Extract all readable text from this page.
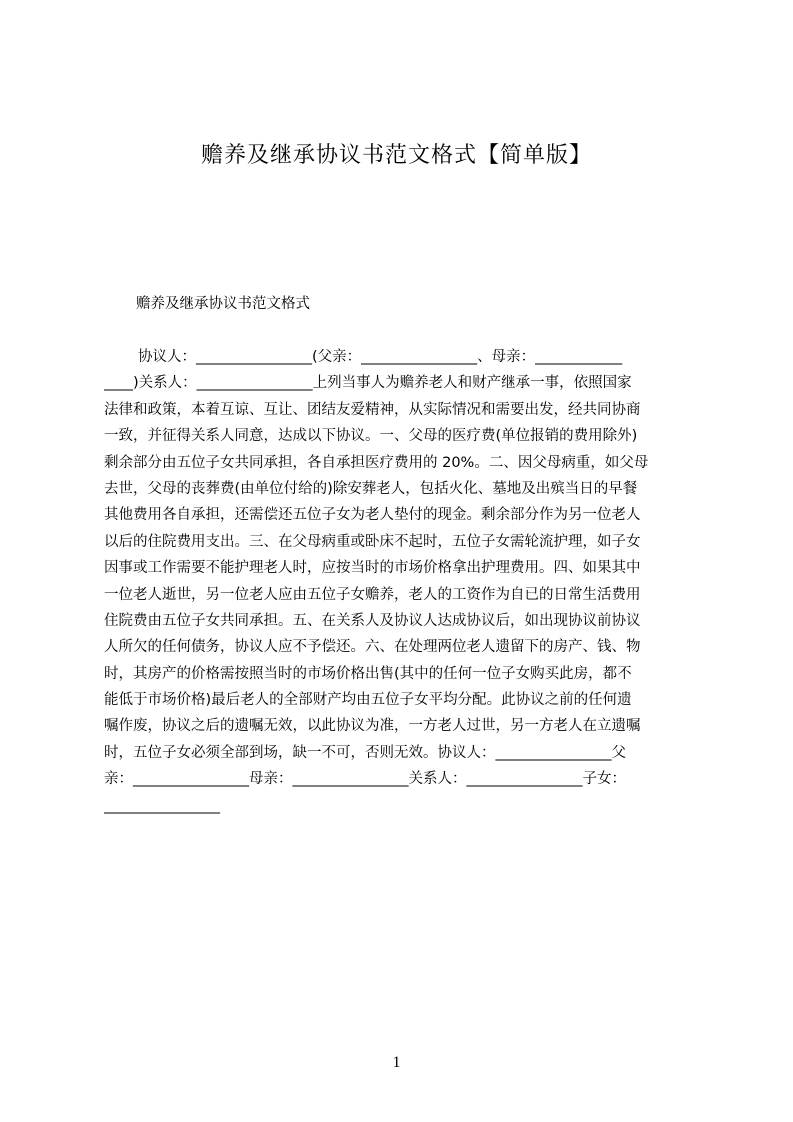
赡养及继承协议书范文格式【简单版】
赡养及继承协议书范文格式
协议人：________________(父亲：________________、母亲：____________
____)关系人：________________上列当事人为赡养老人和财产继承一事，依照国家
法律和政策，本着互谅、互让、团结友爱精神，从实际情况和需要出发，经共同协商
一致，并征得关系人同意，达成以下协议。一、父母的医疗费(单位报销的费用除外)
剩余部分由五位子女共同承担，各自承担医疗费用的 20%。二、因父母病重，如父母
去世，父母的丧葬费(由单位付给的)除安葬老人，包括火化、墓地及出殡当日的早餐
其他费用各自承担，还需偿还五位子女为老人垫付的现金。剩余部分作为另一位老人
以后的住院费用支出。三、在父母病重或卧床不起时，五位子女需轮流护理，如子女
因事或工作需要不能护理老人时，应按当时的市场价格拿出护理费用。四、如果其中
一位老人逝世，另一位老人应由五位子女赡养，老人的工资作为自已的日常生活费用
住院费由五位子女共同承担。五、在关系人及协议人达成协议后，如出现协议前协议
人所欠的任何债务，协议人应不予偿还。六、在处理两位老人遗留下的房产、钱、物
时，其房产的价格需按照当时的市场价格出售(其中的任何一位子女购买此房，都不
能低于市场价格)最后老人的全部财产均由五位子女平均分配。此协议之前的任何遗
嘱作废，协议之后的遗嘱无效，以此协议为准，一方老人过世，另一方老人在立遗嘱
时，五位子女必须全部到场，缺一不可，否则无效。协议人：________________父
亲：________________母亲：________________关系人：________________子女：
________________
1
